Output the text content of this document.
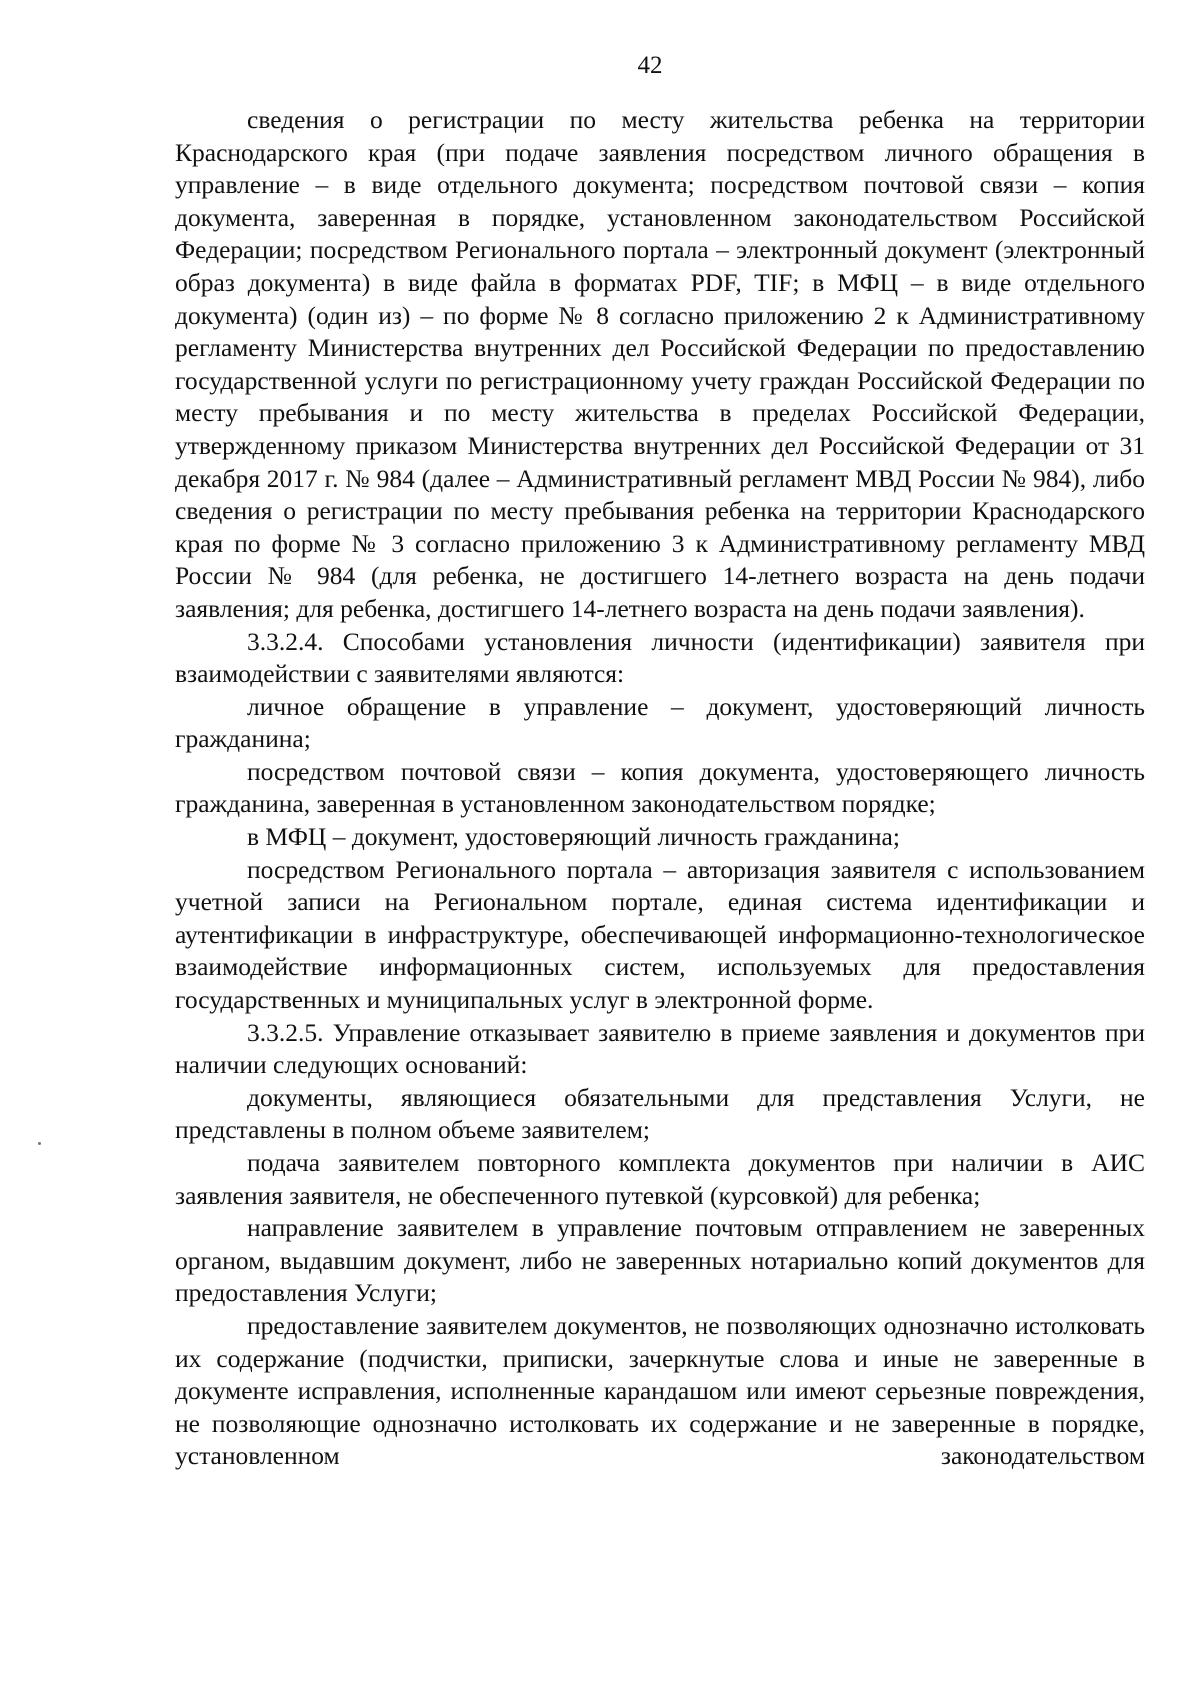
42

сведения о регистрации по месту жительства ребенка на территории Краснодарского края (при подаче заявления посредством личного обращения в управление – в виде отдельного документа; посредством почтовой связи – копия документа, заверенная в порядке, установленном законодательством Российской Федерации; посредством Регионального портала – электронный документ (электронный образ документа) в виде файла в форматах PDF, TIF; в МФЦ – в виде отдельного документа) (один из) – по форме № 8 согласно приложению 2 к Административному регламенту Министерства внутренних дел Российской Федерации по предоставлению государственной услуги по регистрационному учету граждан Российской Федерации по месту пребывания и по месту жительства в пределах Российской Федерации, утвержденному приказом Министерства внутренних дел Российской Федерации от 31 декабря 2017 г. № 984 (далее – Административный регламент МВД России № 984), либо сведения о регистрации по месту пребывания ребенка на территории Краснодарского края по форме № 3 согласно приложению 3 к Административному регламенту МВД России № 984 (для ребенка, не достигшего 14-летнего возраста на день подачи заявления; для ребенка, достигшего 14-летнего возраста на день подачи заявления).

3.3.2.4. Способами установления личности (идентификации) заявителя при взаимодействии с заявителями являются:

личное обращение в управление – документ, удостоверяющий личность гражданина;

посредством почтовой связи – копия документа, удостоверяющего личность гражданина, заверенная в установленном законодательством порядке;

в МФЦ – документ, удостоверяющий личность гражданина;

посредством Регионального портала – авторизация заявителя с использованием учетной записи на Региональном портале, единая система идентификации и аутентификации в инфраструктуре, обеспечивающей информационно-технологическое взаимодействие информационных систем, используемых для предоставления государственных и муниципальных услуг в электронной форме.

3.3.2.5. Управление отказывает заявителю в приеме заявления и документов при наличии следующих оснований:

документы, являющиеся обязательными для представления Услуги, не представлены в полном объеме заявителем;

подача заявителем повторного комплекта документов при наличии в АИС заявления заявителя, не обеспеченного путевкой (курсовкой) для ребенка;

направление заявителем в управление почтовым отправлением не заверенных органом, выдавшим документ, либо не заверенных нотариально копий документов для предоставления Услуги;

предоставление заявителем документов, не позволяющих однозначно истолковать их содержание (подчистки, приписки, зачеркнутые слова и иные не заверенные в документе исправления, исполненные карандашом или имеют серьезные повреждения, не позволяющие однозначно истолковать их содержание и не заверенные в порядке, установленном законодательством
